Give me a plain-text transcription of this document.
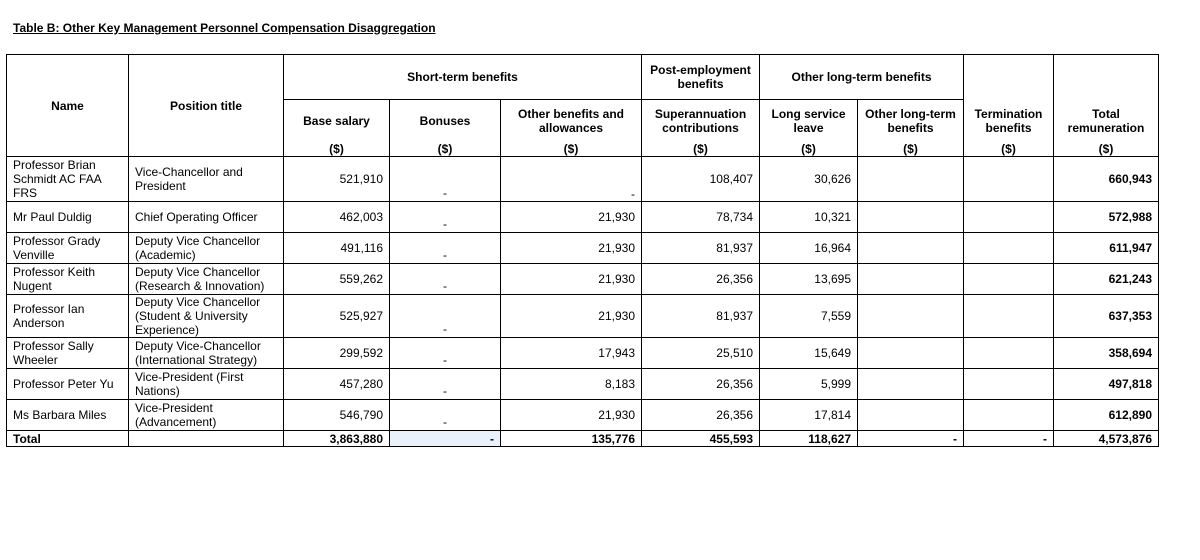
Table B: Other Key Management Personnel Compensation Disaggregation
Name	Position title	Short-term benefits			Post-employment benefits	Other long-term benefits			
		Base salary	Bonuses	Other benefits and allowances	Superannuation contributions	Long service leave	Other long-term benefits	Termination benefits	Total remuneration
		($)	($)	($)	($)	($)	($)	($)	($)
Professor Brian Schmidt AC FAA FRS	Vice-Chancellor and President	521,910	-	-	108,407	30,626			660,943
Mr Paul Duldig	Chief Operating Officer	462,003	-	21,930	78,734	10,321			572,988
Professor Grady Venville	Deputy Vice Chancellor (Academic)	491,116	-	21,930	81,937	16,964			611,947
Professor Keith Nugent	Deputy Vice Chancellor (Research & Innovation)	559,262	-	21,930	26,356	13,695			621,243
Professor Ian Anderson	Deputy Vice Chancellor (Student & University Experience)	525,927	-	21,930	81,937	7,559			637,353
Professor Sally Wheeler	Deputy Vice-Chancellor (International Strategy)	299,592	-	17,943	25,510	15,649			358,694
Professor Peter Yu	Vice-President (First Nations)	457,280	-	8,183	26,356	5,999			497,818
Ms Barbara Miles	Vice-President (Advancement)	546,790	-	21,930	26,356	17,814			612,890
Total		3,863,880	-	135,776	455,593	118,627	-	-	4,573,876
